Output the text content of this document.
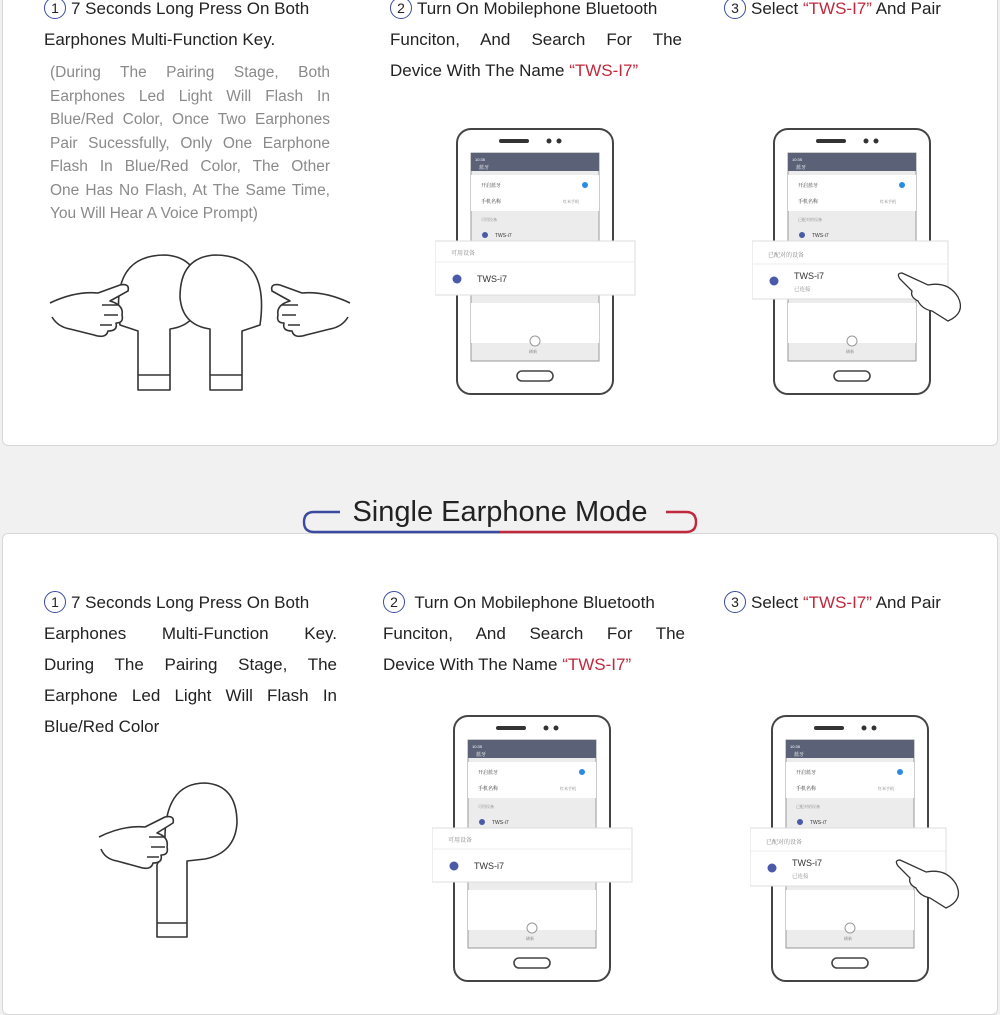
1 7 Seconds Long Press On Both
Earphones Multi-Function Key.
(During The Pairing Stage, Both
Earphones Led Light Will Flash In
Blue/Red Color, Once Two Earphones
Pair Sucessfully, Only One Earphone
Flash In Blue/Red Color, The Other
One Has No Flash, At The Same Time,
You Will Hear A Voice Prompt)
2 Turn On Mobilephone Bluetooth
Funciton, And Search For The
Device With The Name “TWS-I7”
3 Select “TWS-I7” And Pair
Single Earphone Mode
1 7 Seconds Long Press On Both
Earphones Multi-Function Key.
During The Pairing Stage, The
Earphone Led Light Will Flash In
Blue/Red Color
2 Turn On Mobilephone Bluetooth
Funciton, And Search For The
Device With The Name “TWS-I7”
3 Select “TWS-I7” And Pair
10:35
蓝牙
开启蓝牙
手机名称	红米手机
可用设备
TWS-i7
刷新
可用设备
TWS-i7
10:35
蓝牙
开启蓝牙
手机名称	红米手机
已配对的设备
TWS-i7
刷新
已配对的设备
TWS-i7
已连接
10:35
蓝牙
开启蓝牙
手机名称	红米手机
可用设备
TWS-i7
刷新
可用设备
TWS-i7
10:35
蓝牙
开启蓝牙
手机名称	红米手机
已配对的设备
TWS-i7
刷新
已配对的设备
TWS-i7
已连接
